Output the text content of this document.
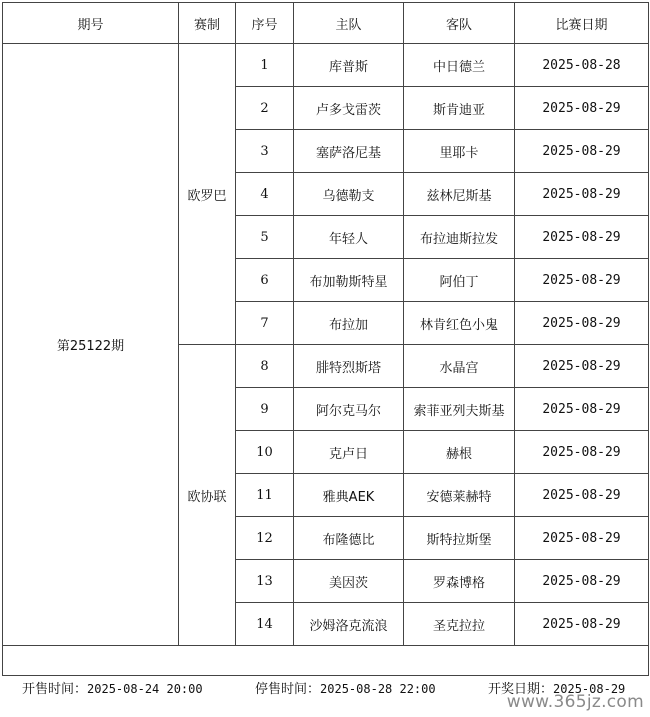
期号	赛制	序号	主队	客队	比赛日期
第25122期	欧罗巴	1	库普斯	中日德兰	2025-08-28
		2	卢多戈雷茨	斯肯迪亚	2025-08-29
		3	塞萨洛尼基	里耶卡	2025-08-29
		4	乌德勒支	兹林尼斯基	2025-08-29
		5	年轻人	布拉迪斯拉发	2025-08-29
		6	布加勒斯特星	阿伯丁	2025-08-29
		7	布拉加	林肯红色小鬼	2025-08-29
	欧协联	8	腓特烈斯塔	水晶宫	2025-08-29
		9	阿尔克马尔	索菲亚列夫斯基	2025-08-29
		10	克卢日	赫根	2025-08-29
		11	雅典AEK	安德莱赫特	2025-08-29
		12	布隆德比	斯特拉斯堡	2025-08-29
		13	美因茨	罗森博格	2025-08-29
		14	沙姆洛克流浪	圣克拉拉	2025-08-29

开售时间：2025-08-24 20:00	停售时间：2025-08-28 22:00	开奖日期：2025-08-29
www.365jz.com
